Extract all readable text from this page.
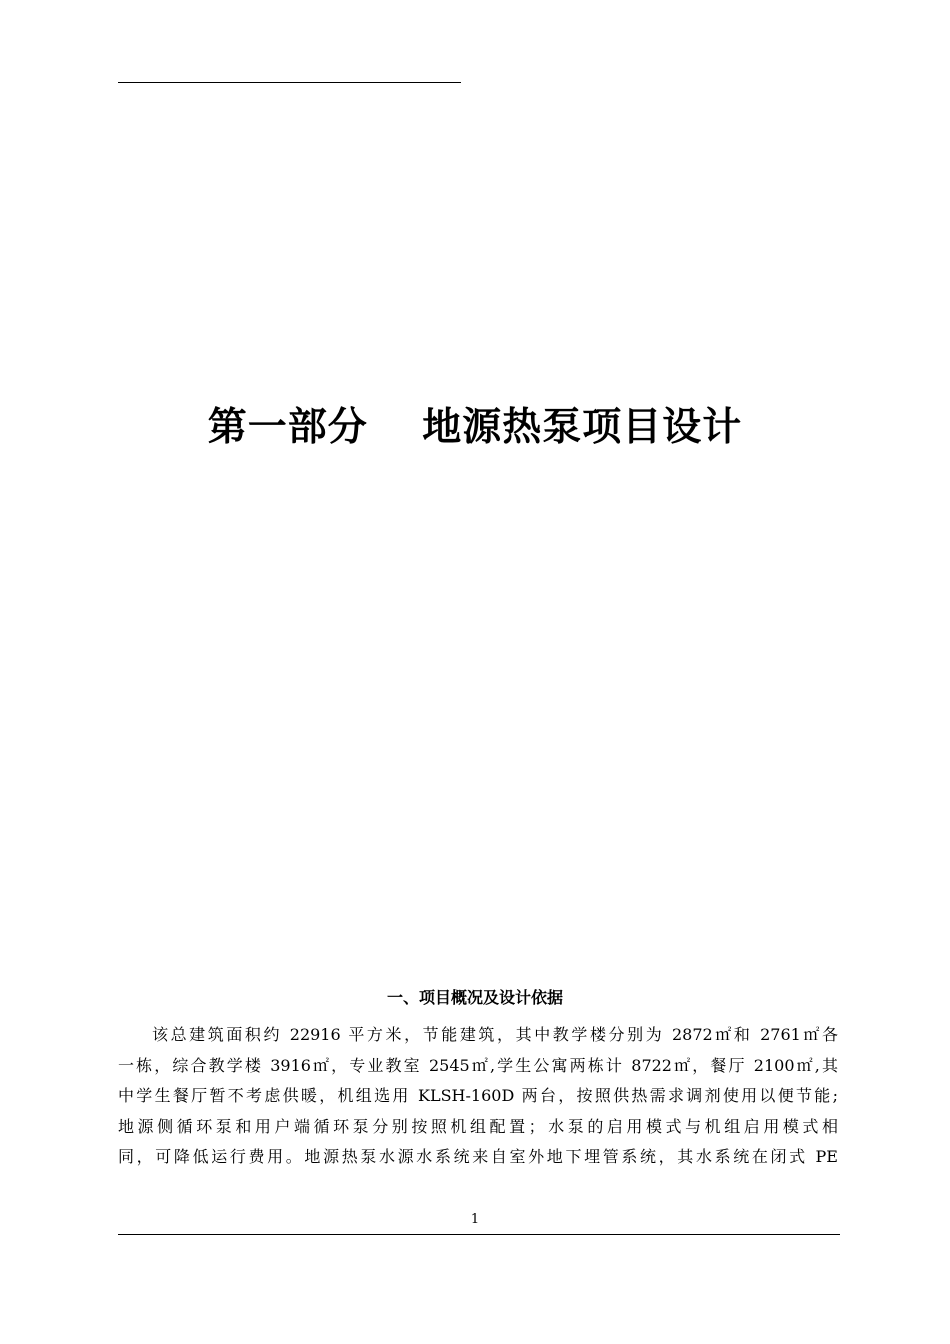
第一部分　 地源热泵项目设计
一、项目概况及设计依据
该总建筑面积约 22916 平方米，节能建筑，其中教学楼分别为 2872㎡和 2761㎡各
一栋，综合教学楼 3916㎡，专业教室 2545㎡,学生公寓两栋计 8722㎡，餐厅 2100㎡,其
中学生餐厅暂不考虑供暖，机组选用 KLSH-160D 两台，按照供热需求调剂使用以便节能;
地源侧循环泵和用户端循环泵分别按照机组配置；水泵的启用模式与机组启用模式相
同，可降低运行费用。地源热泵水源水系统来自室外地下埋管系统，其水系统在闭式 PE
1
